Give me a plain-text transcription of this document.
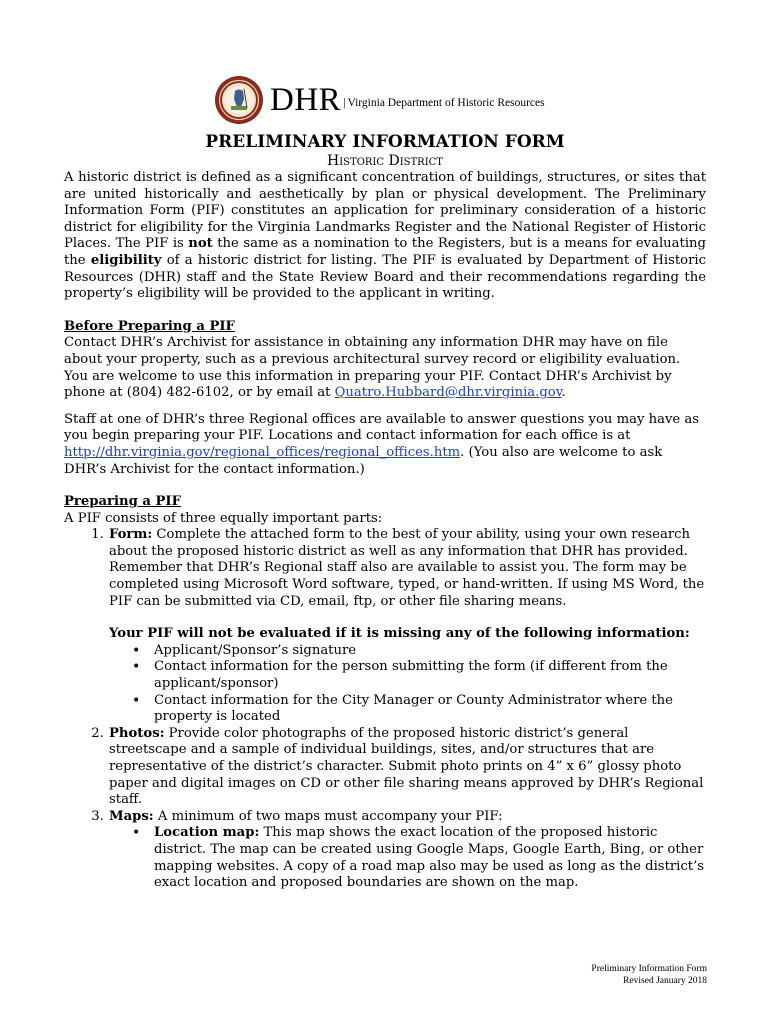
DHR | Virginia Department of Historic Resources
PRELIMINARY INFORMATION FORM
Historic District

A historic district is defined as a significant concentration of buildings, structures, or sites that are united historically and aesthetically by plan or physical development. The Preliminary Information Form (PIF) constitutes an application for preliminary consideration of a historic district for eligibility for the Virginia Landmarks Register and the National Register of Historic Places. The PIF is not the same as a nomination to the Registers, but is a means for evaluating the eligibility of a historic district for listing. The PIF is evaluated by Department of Historic Resources (DHR) staff and the State Review Board and their recommendations regarding the property’s eligibility will be provided to the applicant in writing.

Before Preparing a PIF

Contact DHR’s Archivist for assistance in obtaining any information DHR may have on file about your property, such as a previous architectural survey record or eligibility evaluation. You are welcome to use this information in preparing your PIF. Contact DHR’s Archivist by phone at (804) 482-6102, or by email at Quatro.Hubbard@dhr.virginia.gov.

Staff at one of DHR’s three Regional offices are available to answer questions you may have as you begin preparing your PIF. Locations and contact information for each office is at http://dhr.virginia.gov/regional_offices/regional_offices.htm. (You also are welcome to ask DHR’s Archivist for the contact information.)

Preparing a PIF

A PIF consists of three equally important parts:

1. Form: Complete the attached form to the best of your ability, using your own research about the proposed historic district as well as any information that DHR has provided. Remember that DHR’s Regional staff also are available to assist you. The form may be completed using Microsoft Word software, typed, or hand-written. If using MS Word, the PIF can be submitted via CD, email, ftp, or other file sharing means.
Your PIF will not be evaluated if it is missing any of the following information:
• Applicant/Sponsor’s signature
• Contact information for the person submitting the form (if different from the applicant/sponsor)
• Contact information for the City Manager or County Administrator where the property is located
2. Photos: Provide color photographs of the proposed historic district’s general streetscape and a sample of individual buildings, sites, and/or structures that are representative of the district’s character. Submit photo prints on 4” x 6” glossy photo paper and digital images on CD or other file sharing means approved by DHR’s Regional staff.
3. Maps: A minimum of two maps must accompany your PIF:
• Location map: This map shows the exact location of the proposed historic district. The map can be created using Google Maps, Google Earth, Bing, or other mapping websites. A copy of a road map also may be used as long as the district’s exact location and proposed boundaries are shown on the map.
Preliminary Information Form
Revised January 2018
